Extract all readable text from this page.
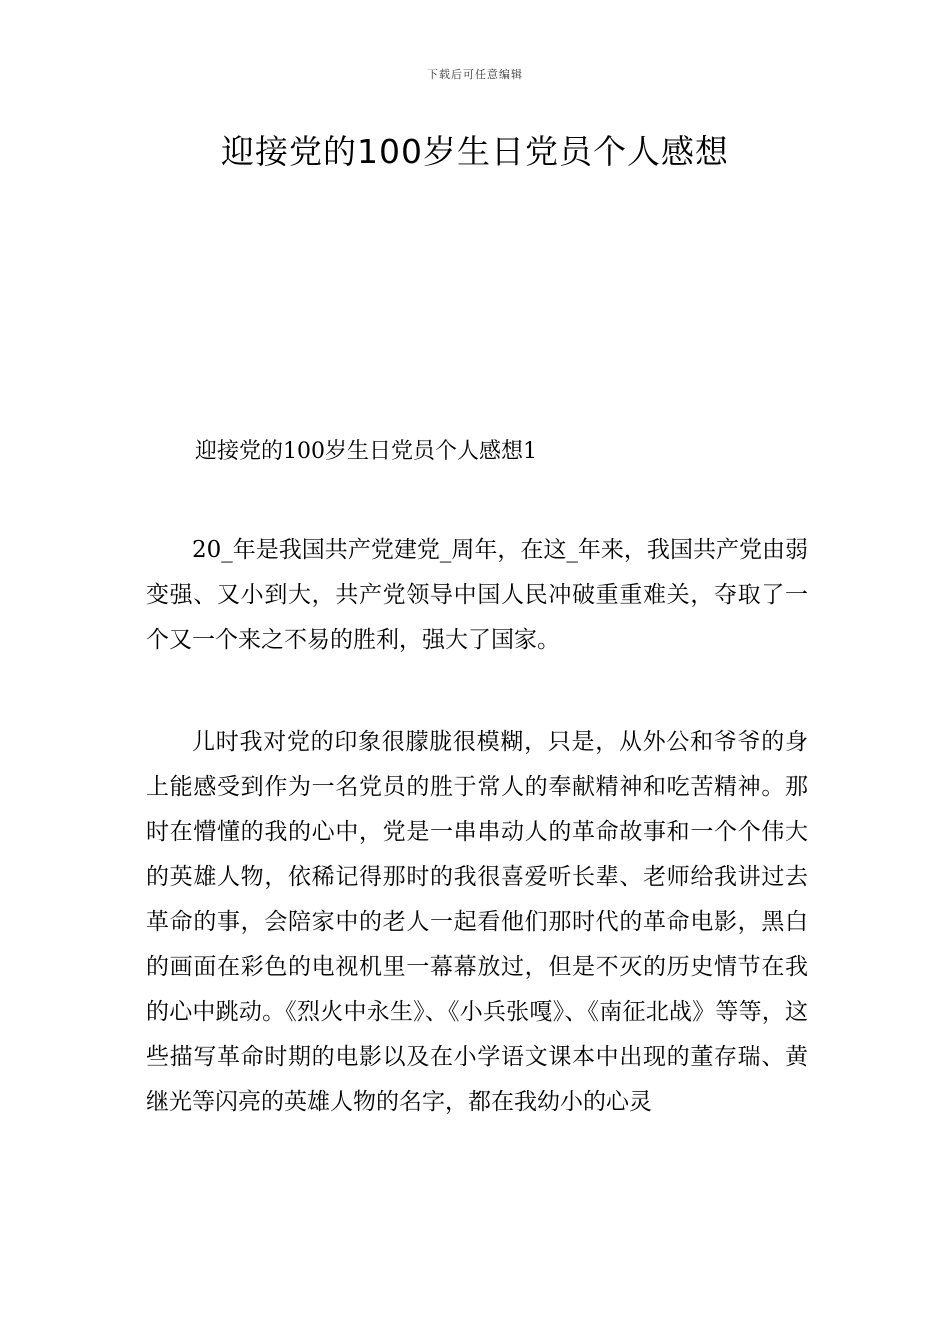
下载后可任意编辑
迎接党的100岁生日党员个人感想
迎接党的100岁生日党员个人感想1

20_年是我国共产党建党_周年，在这_年来，我国共产党由弱变强、又小到大，共产党领导中国人民冲破重重难关，夺取了一个又一个来之不易的胜利，强大了国家。

儿时我对党的印象很朦胧很模糊，只是，从外公和爷爷的身上能感受到作为一名党员的胜于常人的奉献精神和吃苦精神。那时在懵懂的我的心中，党是一串串动人的革命故事和一个个伟大的英雄人物，依稀记得那时的我很喜爱听长辈、老师给我讲过去革命的事，会陪家中的老人一起看他们那时代的革命电影，黑白的画面在彩色的电视机里一幕幕放过，但是不灭的历史情节在我的心中跳动。《烈火中永生》、《小兵张嘎》、《南征北战》等等，这些描写革命时期的电影以及在小学语文课本中出现的董存瑞、黄继光等闪亮的英雄人物的名字，都在我幼小的心灵
